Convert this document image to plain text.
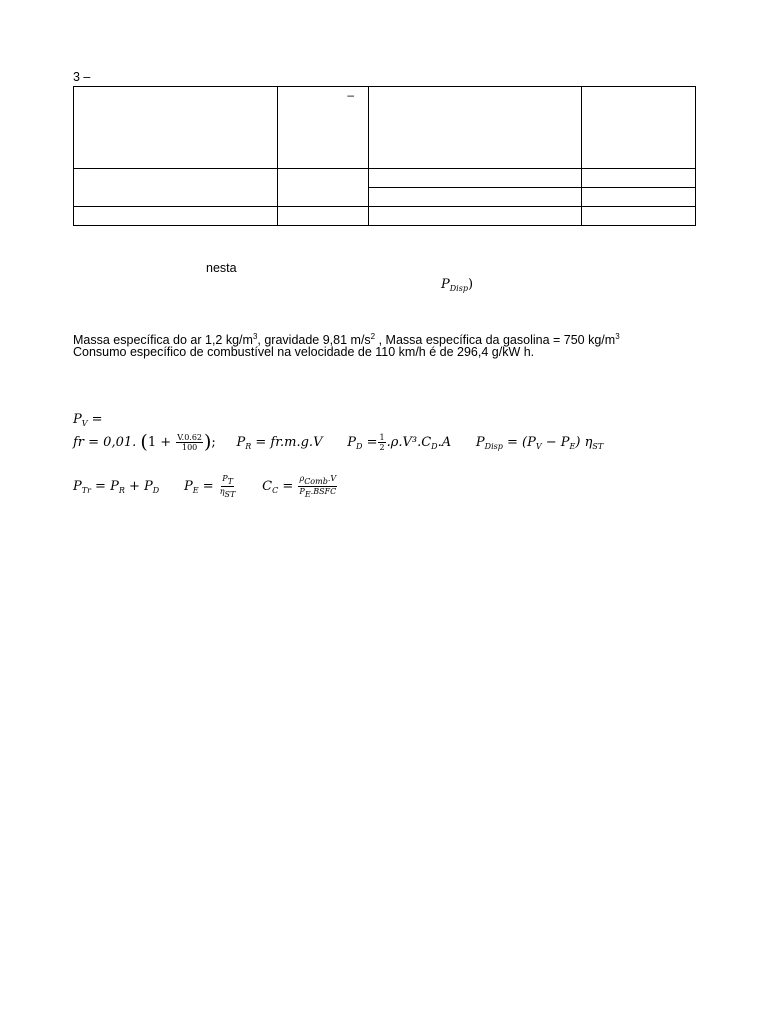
3 –

	–		

nesta
$P_{Disp}$)
Massa específica do ar 1,2 $kg/m^3$, gravidade 9,81 $m/s^2$ , Massa específica da gasolina = 750 $kg/m^3$
Consumo específico de combustível na velocidade de 110 km/h é de 296,4 g/kW h.
$P_V$ =
fr = 0,01. ($1 + \frac{V.0.62}{100}$ ); $P_R = fr.m.g.V$ $P_D = \frac{1}{2} .\rho.V^3.C_D.A$ $P_{Disp} = (P_V - P_E)$ $\eta_{ST}$
$P_{Tr} = P_R + P_D$ $P_E = \frac{P_T}{\eta_{ST}} C_C = \frac{\rho_{Comb}.V}{P_E.BSFC}$
